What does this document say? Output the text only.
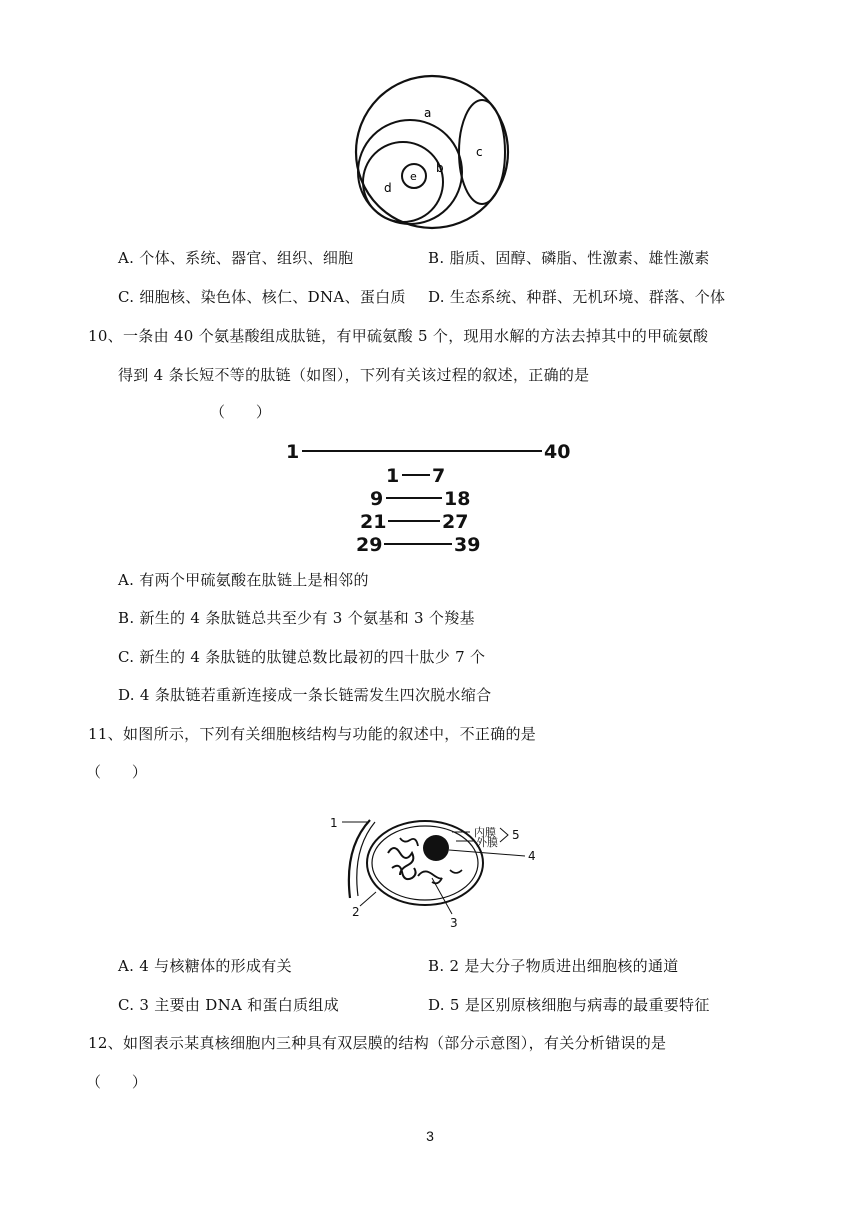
a
b
c
d
e
A. 个体、系统、器官、组织、细胞	B. 脂质、固醇、磷脂、性激素、雄性激素
C. 细胞核、染色体、核仁、DNA、蛋白质 D. 生态系统、种群、无机环境、群落、个体
10、一条由 40 个氨基酸组成肽链，有甲硫氨酸 5 个，现用水解的方法去掉其中的甲硫氨酸
得到 4 条长短不等的肽链（如图），下列有关该过程的叙述，正确的是
（　　）
1	40
1 7
9	18
21	27
29	39
A. 有两个甲硫氨酸在肽链上是相邻的
B. 新生的 4 条肽链总共至少有 3 个氨基和 3 个羧基
C. 新生的 4 条肽链的肽键总数比最初的四十肽少 7 个
D. 4 条肽链若重新连接成一条长链需发生四次脱水缩合
11、如图所示，下列有关细胞核结构与功能的叙述中，不正确的是
（　　）
1
2
3
4
5
内膜
外膜
A. 4 与核糖体的形成有关	B. 2 是大分子物质进出细胞核的通道
C. 3 主要由 DNA 和蛋白质组成	D. 5 是区别原核细胞与病毒的最重要特征
12、如图表示某真核细胞内三种具有双层膜的结构（部分示意图），有关分析错误的是
（　　）
3
